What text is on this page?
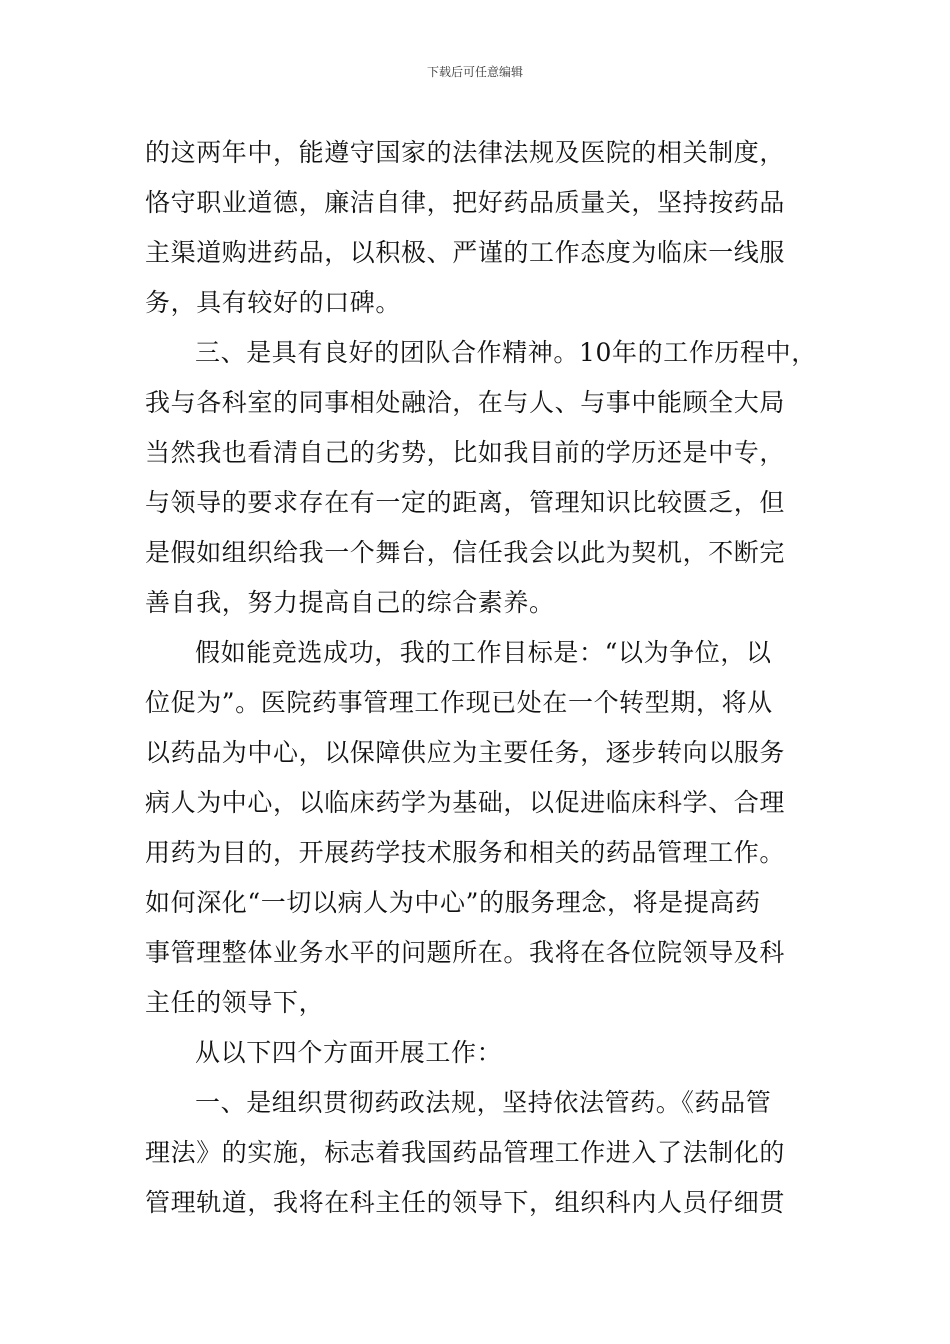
下载后可任意编辑
的这两年中，能遵守国家的法律法规及医院的相关制度，
恪守职业道德，廉洁自律，把好药品质量关，坚持按药品
主渠道购进药品，以积极、严谨的工作态度为临床一线服
务，具有较好的口碑。
三、是具有良好的团队合作精神。10年的工作历程中，
我与各科室的同事相处融洽，在与人、与事中能顾全大局
当然我也看清自己的劣势，比如我目前的学历还是中专，
与领导的要求存在有一定的距离，管理知识比较匮乏，但
是假如组织给我一个舞台，信任我会以此为契机，不断完
善自我，努力提高自己的综合素养。
假如能竞选成功，我的工作目标是：“以为争位，以
位促为”。医院药事管理工作现已处在一个转型期，将从
以药品为中心，以保障供应为主要任务，逐步转向以服务
病人为中心，以临床药学为基础，以促进临床科学、合理
用药为目的，开展药学技术服务和相关的药品管理工作。
如何深化“一切以病人为中心”的服务理念，将是提高药
事管理整体业务水平的问题所在。我将在各位院领导及科
主任的领导下，
从以下四个方面开展工作：
一、是组织贯彻药政法规，坚持依法管药。《药品管
理法》的实施，标志着我国药品管理工作进入了法制化的
管理轨道，我将在科主任的领导下，组织科内人员仔细贯
